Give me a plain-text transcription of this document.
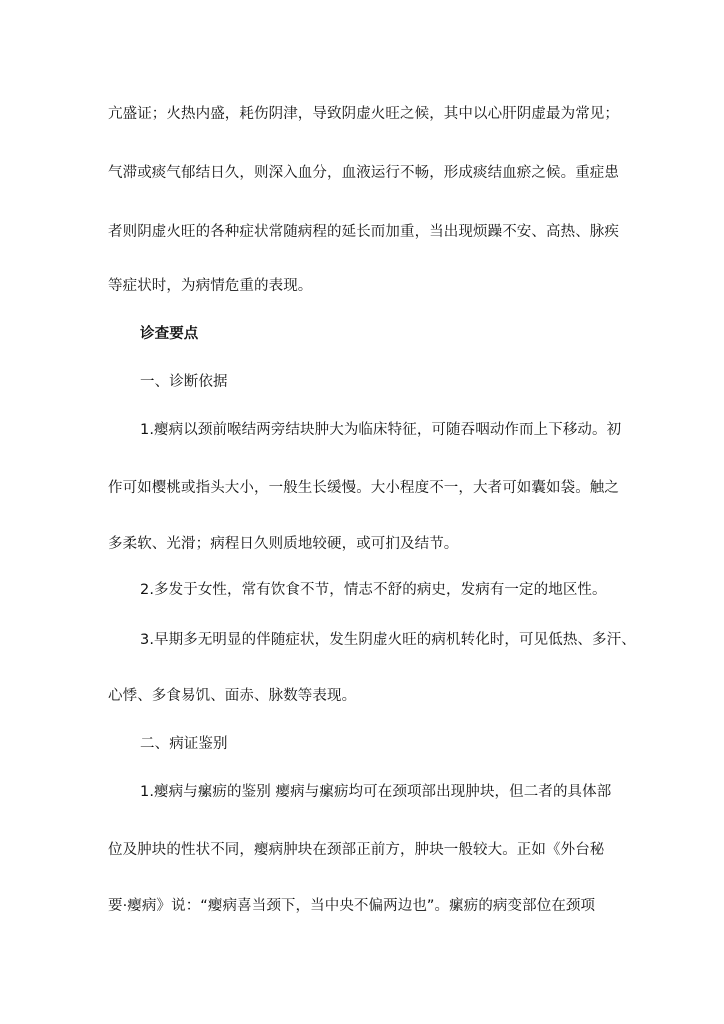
亢盛证；火热内盛，耗伤阴津，导致阴虚火旺之候，其中以心肝阴虚最为常见；
气滞或痰气郁结日久，则深入血分，血液运行不畅，形成痰结血瘀之候。重症患
者则阴虚火旺的各种症状常随病程的延长而加重，当出现烦躁不安、高热、脉疾
等症状时，为病情危重的表现。
诊查要点
一、诊断依据
1.瘿病以颈前喉结两旁结块肿大为临床特征，可随吞咽动作而上下移动。初
作可如樱桃或指头大小，一般生长缓慢。大小程度不一，大者可如囊如袋。触之
多柔软、光滑；病程日久则质地较硬，或可扪及结节。
2.多发于女性，常有饮食不节，情志不舒的病史，发病有一定的地区性。
3.早期多无明显的伴随症状，发生阴虚火旺的病机转化时，可见低热、多汗、
心悸、多食易饥、面赤、脉数等表现。
二、病证鉴别
1.瘿病与瘰疬的鉴别 瘿病与瘰疬均可在颈项部出现肿块，但二者的具体部
位及肿块的性状不同，瘿病肿块在颈部正前方，肿块一般较大。正如《外台秘
要·瘿病》说：“瘿病喜当颈下，当中央不偏两边也”。瘰疬的病变部位在颈项
